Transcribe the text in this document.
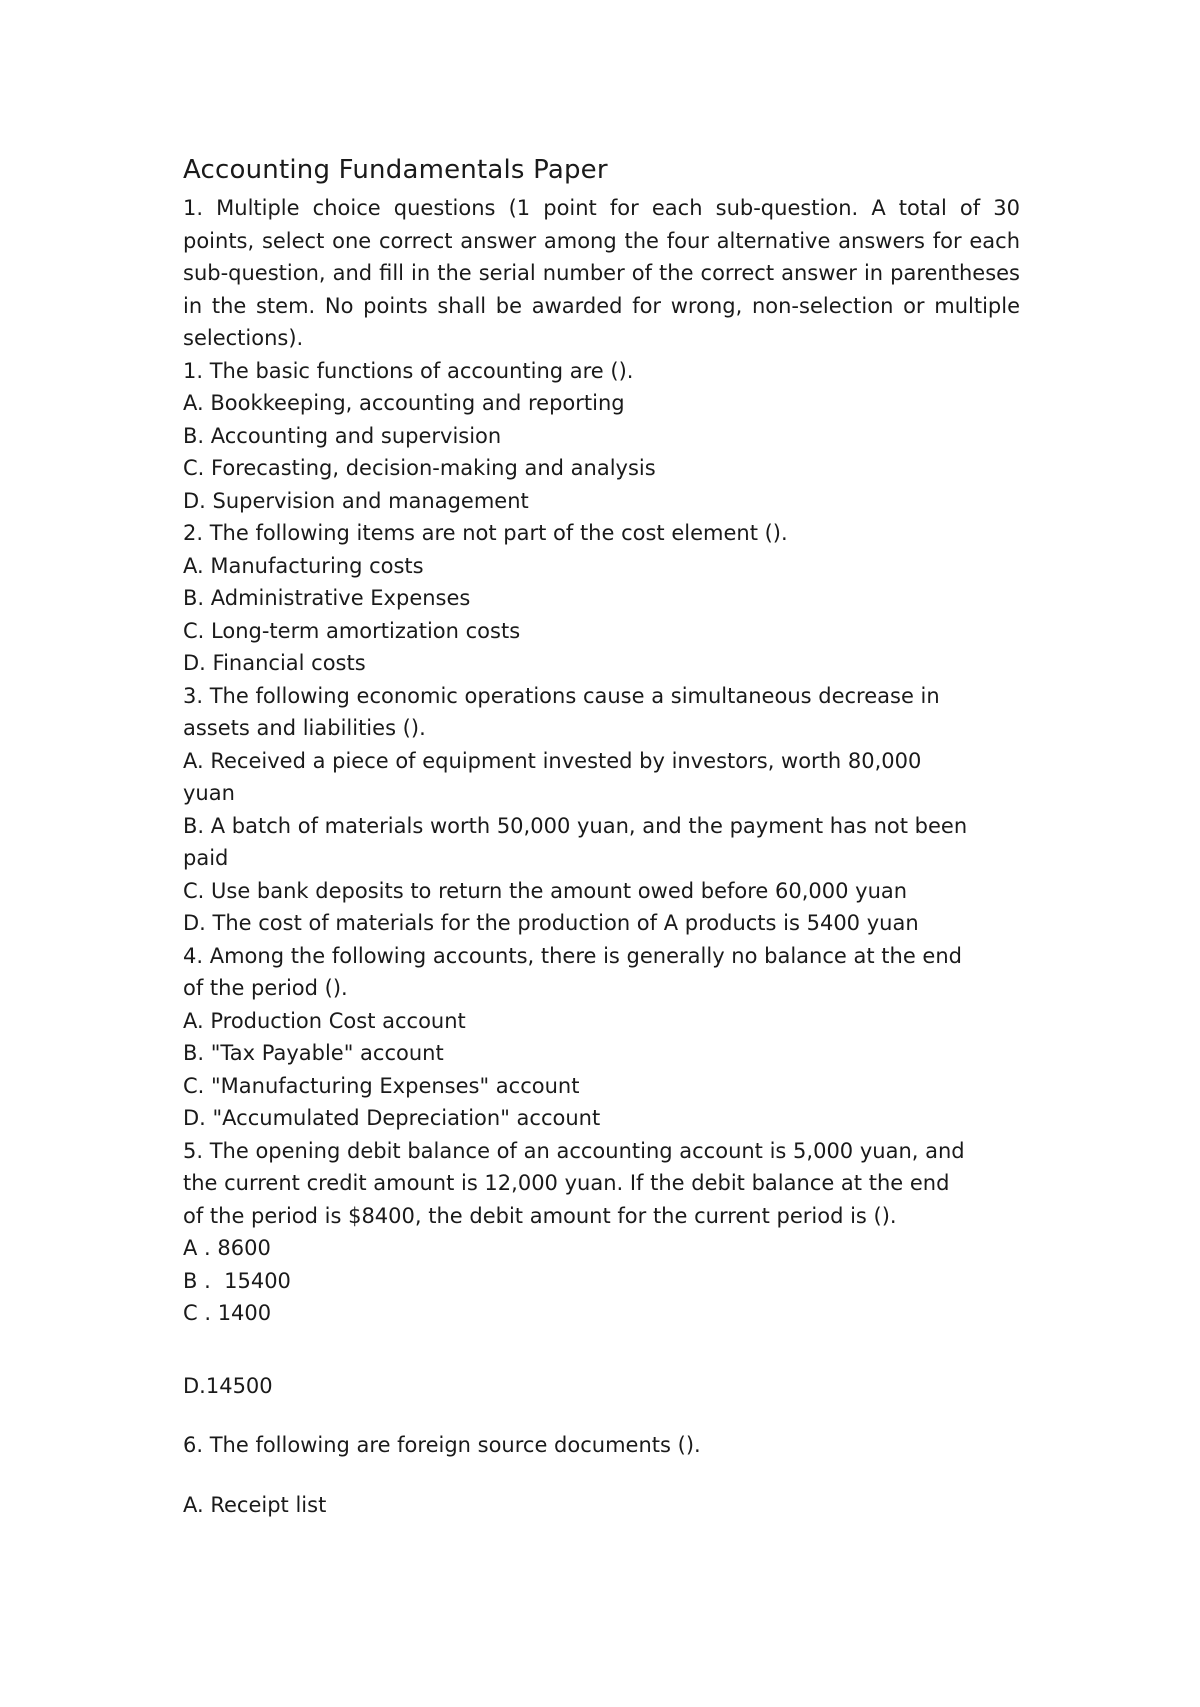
Accounting Fundamentals Paper

1. Multiple choice questions (1 point for each sub-question. A total of 30 points, select one correct answer among the four alternative answers for each sub-question, and fill in the serial number of the correct answer in parentheses in the stem. No points shall be awarded for wrong, non-selection or multiple selections).

1. The basic functions of accounting are ().

A. Bookkeeping, accounting and reporting

B. Accounting and supervision

C. Forecasting, decision-making and analysis

D. Supervision and management

2. The following items are not part of the cost element ().

A. Manufacturing costs

B. Administrative Expenses

C. Long-term amortization costs

D. Financial costs

3. The following economic operations cause a simultaneous decrease in

assets and liabilities ().

A. Received a piece of equipment invested by investors, worth 80,000

yuan

B. A batch of materials worth 50,000 yuan, and the payment has not been

paid

C. Use bank deposits to return the amount owed before 60,000 yuan

D. The cost of materials for the production of A products is 5400 yuan

4. Among the following accounts, there is generally no balance at the end

of the period ().

A. Production Cost account

B. "Tax Payable" account

C. "Manufacturing Expenses" account

D. "Accumulated Depreciation" account

5. The opening debit balance of an accounting account is 5,000 yuan, and

the current credit amount is 12,000 yuan. If the debit balance at the end

of the period is $8400, the debit amount for the current period is ().

A . 8600

B .  15400

C . 1400

D.14500

6. The following are foreign source documents ().

A. Receipt list
